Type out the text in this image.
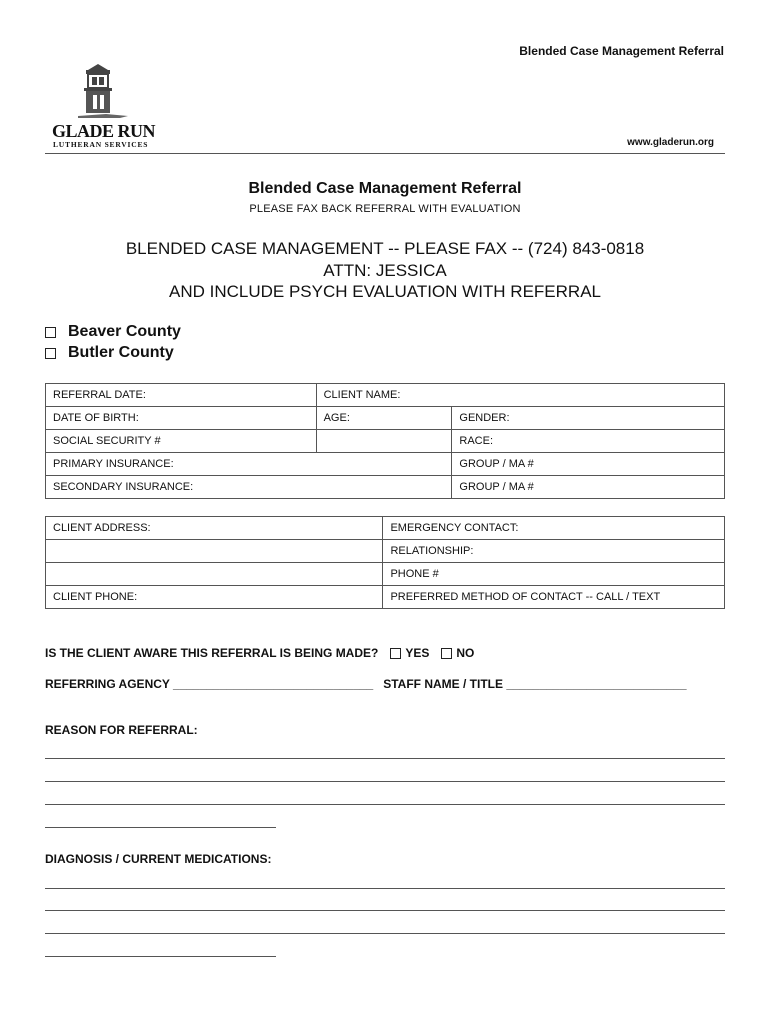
Blended Case Management Referral
GLADE RUN
LUTHERAN SERVICES	www.gladerun.org
Blended Case Management Referral
PLEASE FAX BACK REFERRAL WITH EVALUATION
BLENDED CASE MANAGEMENT -- PLEASE FAX -- (724) 843-0818
ATTN: JESSICA
AND INCLUDE PSYCH EVALUATION WITH REFERRAL
Beaver County
Butler County
REFERRAL DATE:	CLIENT NAME:	
DATE OF BIRTH:	AGE:	GENDER:
SOCIAL SECURITY #		RACE:
PRIMARY INSURANCE:		GROUP / MA #
SECONDARY INSURANCE:		GROUP / MA #
CLIENT ADDRESS:	EMERGENCY CONTACT:
	RELATIONSHIP:
	PHONE #
CLIENT PHONE:	PREFERRED METHOD OF CONTACT -- CALL / TEXT
IS THE CLIENT AWARE THIS REFERRAL IS BEING MADE? YES NO
REFERRING AGENCY ______________________________   STAFF NAME / TITLE ___________________________
REASON FOR REFERRAL:
DIAGNOSIS / CURRENT MEDICATIONS:
